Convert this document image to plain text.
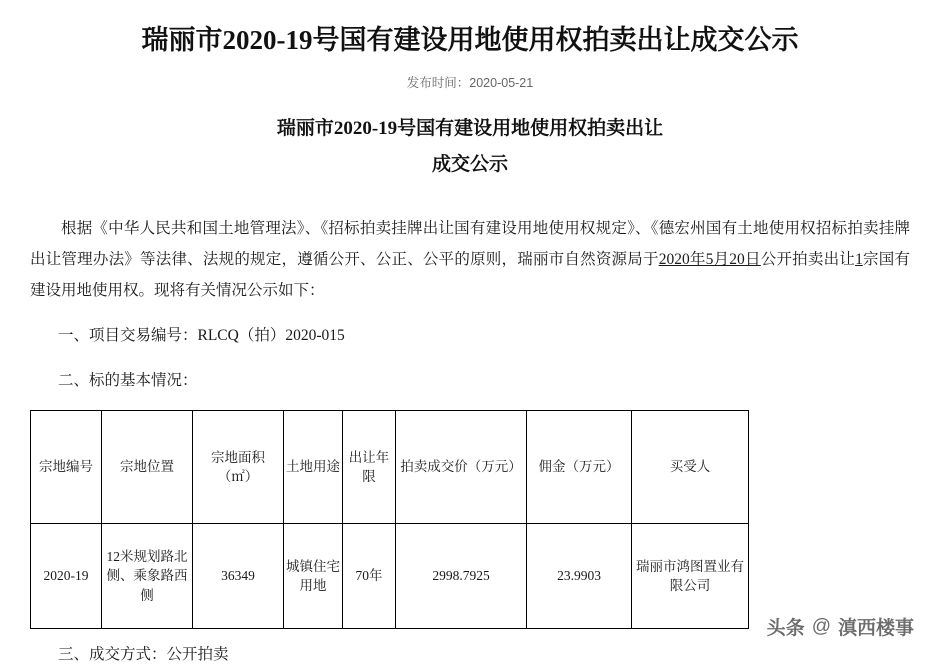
瑞丽市2020-19号国有建设用地使用权拍卖出让成交公示
发布时间：2020-05-21
瑞丽市2020-19号国有建设用地使用权拍卖出让
成交公示
根据《中华人民共和国土地管理法》、《招标拍卖挂牌出让国有建设用地使用权规定》、《德宏州国有土地使用权招标拍卖挂牌出让管理办法》等法律、法规的规定，遵循公开、公正、公平的原则，瑞丽市自然资源局于2020年5月20日公开拍卖出让1宗国有建设用地使用权。现将有关情况公示如下：
一、项目交易编号：RLCQ（拍）2020-015
二、标的基本情况：
宗地编号	宗地位置	宗地面积（㎡）	土地用途	出让年限	拍卖成交价（万元）	佣金（万元）	买受人
2020-19	12米规划路北侧、乘象路西侧	36349	城镇住宅用地	70年	2998.7925	23.9903	瑞丽市鸿图置业有限公司
三、成交方式：公开拍卖
头条 @ 滇西楼事
